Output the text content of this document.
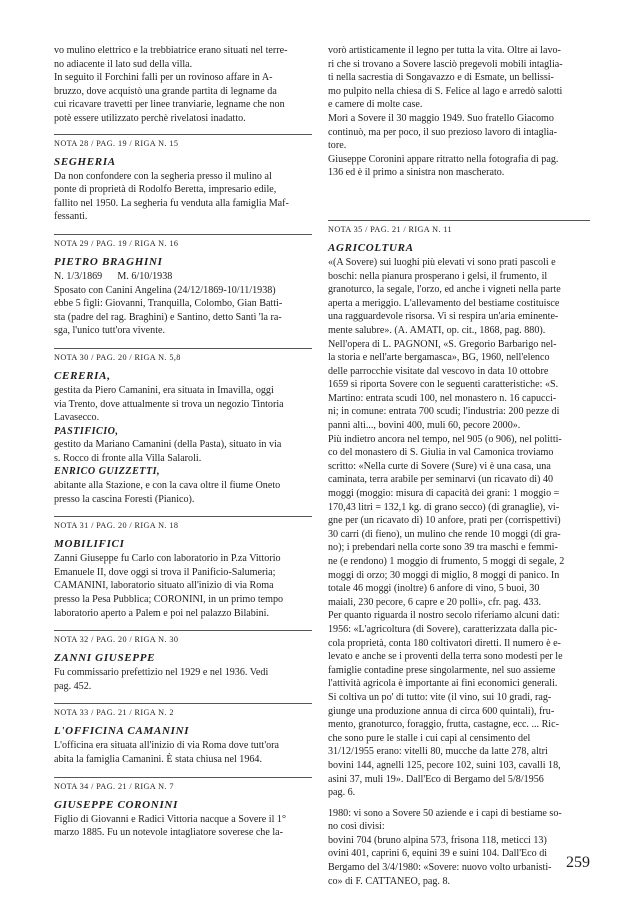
vo mulino elettrico e la trebbiatrice erano situati nel terre-

no adiacente il lato sud della villa.

In seguito il Forchini falli per un rovinoso affare in A-

bruzzo, dove acquistò una grande partita di legname da

cui ricavare travetti per linee tranviarie, legname che non

potè essere utilizzato perchè rivelatosi inadatto.

NOTA 28 / PAG. 19 / RIGA N. 15

SEGHERIA

Da non confondere con la segheria presso il mulino al

ponte di proprietà di Rodolfo Beretta, impresario edile,

fallito nel 1950. La segheria fu venduta alla famiglia Maf-

fessanti.

NOTA 29 / PAG. 19 / RIGA N. 16

PIETRO BRAGHINI

N. 1/3/1869      M. 6/10/1938

Sposato con Canini Angelina (24/12/1869-10/11/1938)

ebbe 5 figli: Giovanni, Tranquilla, Colombo, Gian Batti-

sta (padre del rag. Braghini) e Santino, detto Santì 'la ra-

sga, l'unico tutt'ora vivente.

NOTA 30 / PAG. 20 / RIGA N. 5,8

CERERIA,

gestita da Piero Camanini, era situata in Imavilla, oggi

via Trento, dove attualmente si trova un negozio Tintoria

Lavasecco.

PASTIFICIO,

gestito da Mariano Camanini (della Pasta), situato in via

s. Rocco di fronte alla Villa Salaroli.

ENRICO GUIZZETTI,

abitante alla Stazione, e con la cava oltre il fiume Oneto

presso la cascina Foresti (Pianico).

NOTA 31 / PAG. 20 / RIGA N. 18

MOBILIFICI

Zanni Giuseppe fu Carlo con laboratorio in P.za Vittorio

Emanuele II, dove oggi si trova il Panificio-Salumeria;

CAMANINI, laboratorio situato all'inizio di via Roma

presso la Pesa Pubblica; CORONINI, in un primo tempo

laboratorio aperto a Palem e poi nel palazzo Bilabini.

NOTA 32 / PAG. 20 / RIGA N. 30

ZANNI GIUSEPPE

Fu commissario prefettizio nel 1929 e nel 1936. Vedi

pag. 452.

NOTA 33 / PAG. 21 / RIGA N. 2

L'OFFICINA CAMANINI

L'officina era situata all'inizio di via Roma dove tutt'ora

abita la famiglia Camanini. È stata chiusa nel 1964.

NOTA 34 / PAG. 21 / RIGA N. 7

GIUSEPPE CORONINI

Figlio di Giovanni e Radici Vittoria nacque a Sovere il 1°

marzo 1885. Fu un notevole intagliatore soverese che la-

vorò artisticamente il legno per tutta la vita. Oltre ai lavo-

ri che si trovano a Sovere lasciò pregevoli mobili intaglia-

ti nella sacrestia di Songavazzo e di Esmate, un bellissi-

mo pulpito nella chiesa di S. Felice al lago e arredò salotti

e camere di molte case.

Morì a Sovere il 30 maggio 1949. Suo fratello Giacomo

continuò, ma per poco, il suo prezioso lavoro di intaglia-

tore.

Giuseppe Coronini appare ritratto nella fotografia di pag.

136 ed è il primo a sinistra non mascherato.

NOTA 35 / PAG. 21 / RIGA N. 11

AGRICOLTURA

«(A Sovere) sui luoghi più elevati vi sono prati pascoli e

boschi: nella pianura prosperano i gelsi, il frumento, il

granoturco, la segale, l'orzo, ed anche i vigneti nella parte

aperta a meriggio. L'allevamento del bestiame costituisce

una ragguardevole risorsa. Vi si respira un'aria eminente-

mente salubre». (A. AMATI, op. cit., 1868, pag. 880).

Nell'opera di L. PAGNONI, «S. Gregorio Barbarigo nel-

la storia e nell'arte bergamasca», BG, 1960, nell'elenco

delle parrocchie visitate dal vescovo in data 10 ottobre

1659 si riporta Sovere con le seguenti caratteristiche: «S.

Martino: entrata scudi 100, nel monastero n. 16 capucci-

ni; in comune: entrata 700 scudi; l'industria: 200 pezze di

panni alti..., bovini 400, muli 60, pecore 2000».

Più indietro ancora nel tempo, nel 905 (o 906), nel politti-

co del monastero di S. Giulia in val Camonica troviamo

scritto: «Nella curte di Sovere (Sure) vi è una casa, una

caminata, terra arabile per seminarvi (un ricavato di) 40

moggi (moggio: misura di capacità dei grani: 1 moggio =

170,43 litri = 132,1 kg. di grano secco) (di granaglie), vi-

gne per (un ricavato di) 10 anfore, prati per (corrispettivi)

30 carri (di fieno), un mulino che rende 10 moggi (di gra-

no); i prebendari nella corte sono 39 tra maschi e femmi-

ne (e rendono) 1 moggio di frumento, 5 moggi di segale, 2

moggi di orzo; 30 moggi di miglio, 8 moggi di panico. In

totale 46 moggi (inoltre) 6 anfore di vino, 5 buoi, 30

maiali, 230 pecore, 6 capre e 20 polli», cfr. pag. 433.

Per quanto riguarda il nostro secolo riferiamo alcuni dati:

1956: «L'agricoltura (di Sovere), caratterizzata dalla pic-

cola proprietà, conta 180 coltivatori diretti. Il numero è e-

levato e anche se i proventi della terra sono modesti per le

famiglie contadine prese singolarmente, nel suo assieme

l'attività agricola è importante ai fini economici generali.

Si coltiva un po' di tutto: vite (il vino, sui 10 gradi, rag-

giunge una produzione annua di circa 600 quintali), fru-

mento, granoturco, foraggio, frutta, castagne, ecc. ... Ric-

che sono pure le stalle i cui capi al censimento del

31/12/1955 erano: vitelli 80, mucche da latte 278, altri

bovini 144, agnelli 125, pecore 102, suini 103, cavalli 18,

asini 37, muli 19». Dall'Eco di Bergamo del 5/8/1956

pag. 6.

1980: vi sono a Sovere 50 aziende e i capi di bestiame so-

no così divisi:

bovini 704 (bruno alpina 573, frisona 118, meticci 13)

ovini 401, caprini 6, equini 39 e suini 104. Dall'Eco di

Bergamo del 3/4/1980: «Sovere: nuovo volto urbanisti-

co» di F. CATTANEO, pag. 8.

259
